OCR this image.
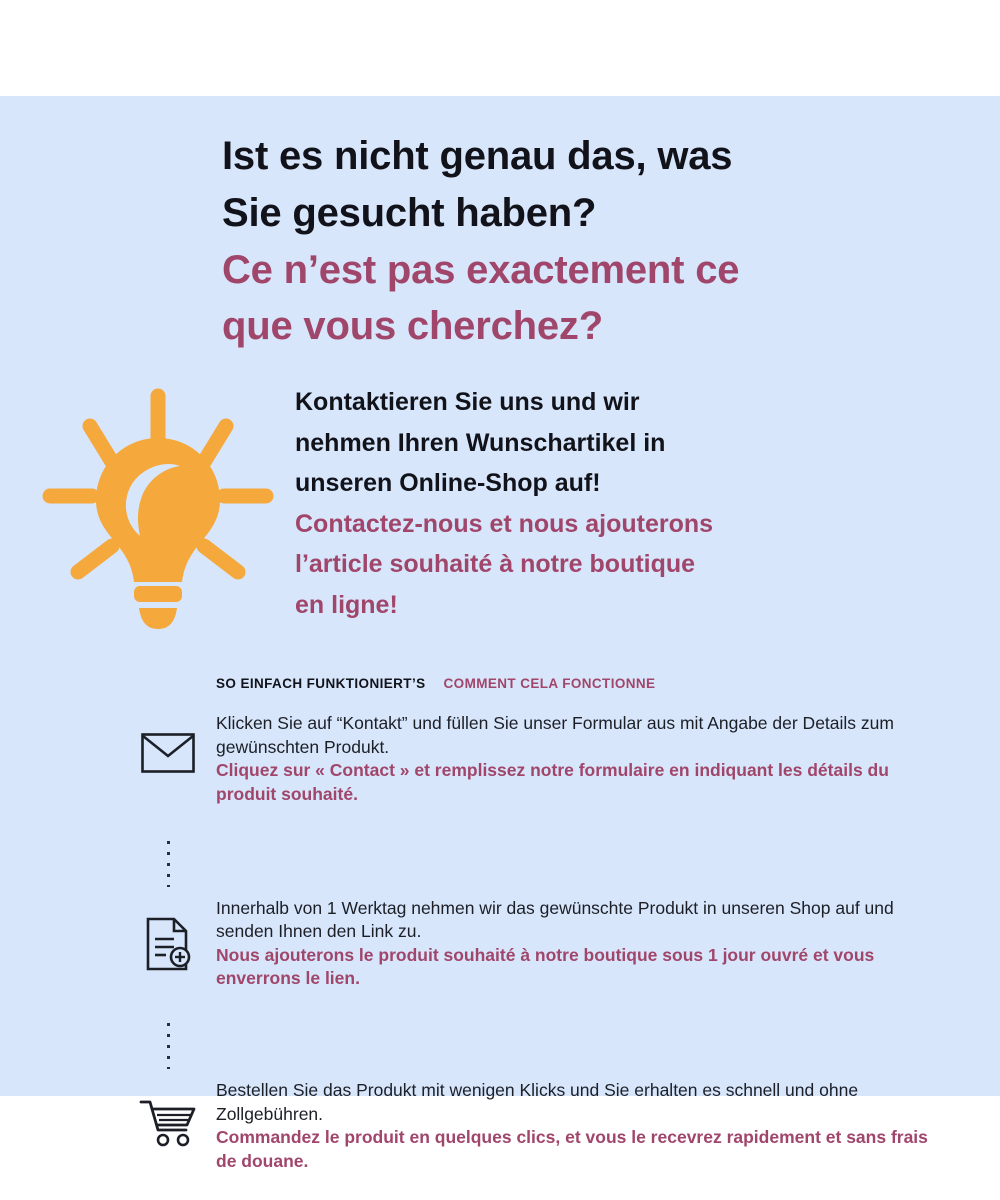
Ist es nicht genau das, was
Sie gesucht haben?
Ce n’est pas exactement ce
que vous cherchez?
Kontaktieren Sie uns und wir
nehmen Ihren Wunschartikel in
unseren Online-Shop auf!
Contactez-nous et nous ajouterons
l’article souhaité à notre boutique
en ligne!
SO EINFACH FUNKTIONIERT’S COMMENT CELA FONCTIONNE
Klicken Sie auf “Kontakt” und füllen Sie unser Formular aus mit Angabe der Details zum gewünschten Produkt.
Cliquez sur « Contact » et remplissez notre formulaire en indiquant les détails du produit souhaité.
Innerhalb von 1 Werktag nehmen wir das gewünschte Produkt in unseren Shop auf und senden Ihnen den Link zu.
Nous ajouterons le produit souhaité à notre boutique sous 1 jour ouvré et vous enverrons le lien.
Bestellen Sie das Produkt mit wenigen Klicks und Sie erhalten es schnell und ohne Zollgebühren.
Commandez le produit en quelques clics, et vous le recevrez rapidement et sans frais de douane.
